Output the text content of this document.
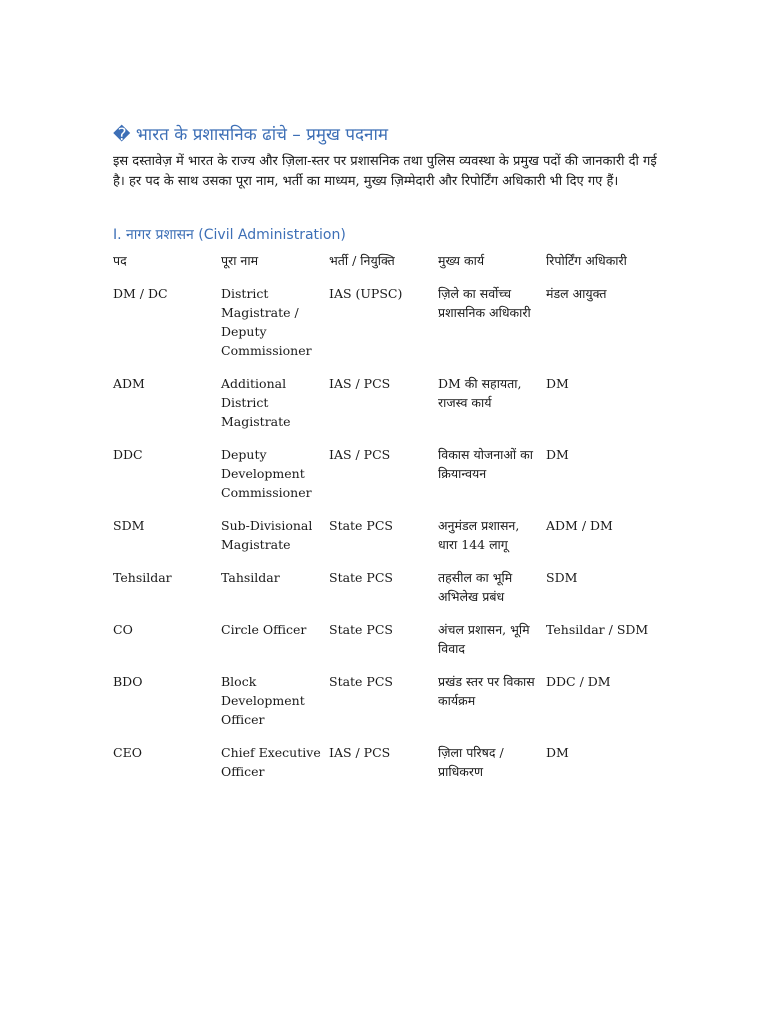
� भारत के प्रशासनिक ढांचे – प्रमुख पदनाम

इस दस्तावेज़ में भारत के राज्य और ज़िला-स्तर पर प्रशासनिक तथा पुलिस व्यवस्था के प्रमुख पदों की जानकारी दी गई है। हर पद के साथ उसका पूरा नाम, भर्ती का माध्यम, मुख्य ज़िम्मेदारी और रिपोर्टिंग अधिकारी भी दिए गए हैं।

I. नागर प्रशासन (Civil Administration)
पद	पूरा नाम	भर्ती / नियुक्ति	मुख्य कार्य	रिपोर्टिंग अधिकारी
DM / DC	District Magistrate / Deputy Commissioner	IAS (UPSC)	ज़िले का सर्वोच्च प्रशासनिक अधिकारी	मंडल आयुक्त
ADM	Additional District Magistrate	IAS / PCS	DM की सहायता, राजस्व कार्य	DM
DDC	Deputy Development Commissioner	IAS / PCS	विकास योजनाओं का क्रियान्वयन	DM
SDM	Sub-Divisional Magistrate	State PCS	अनुमंडल प्रशासन, धारा 144 लागू	ADM / DM
Tehsildar	Tahsildar	State PCS	तहसील का भूमि अभिलेख प्रबंध	SDM
CO	Circle Officer	State PCS	अंचल प्रशासन, भूमि विवाद	Tehsildar / SDM
BDO	Block Development Officer	State PCS	प्रखंड स्तर पर विकास कार्यक्रम	DDC / DM
CEO	Chief Executive Officer	IAS / PCS	ज़िला परिषद / प्राधिकरण	DM
